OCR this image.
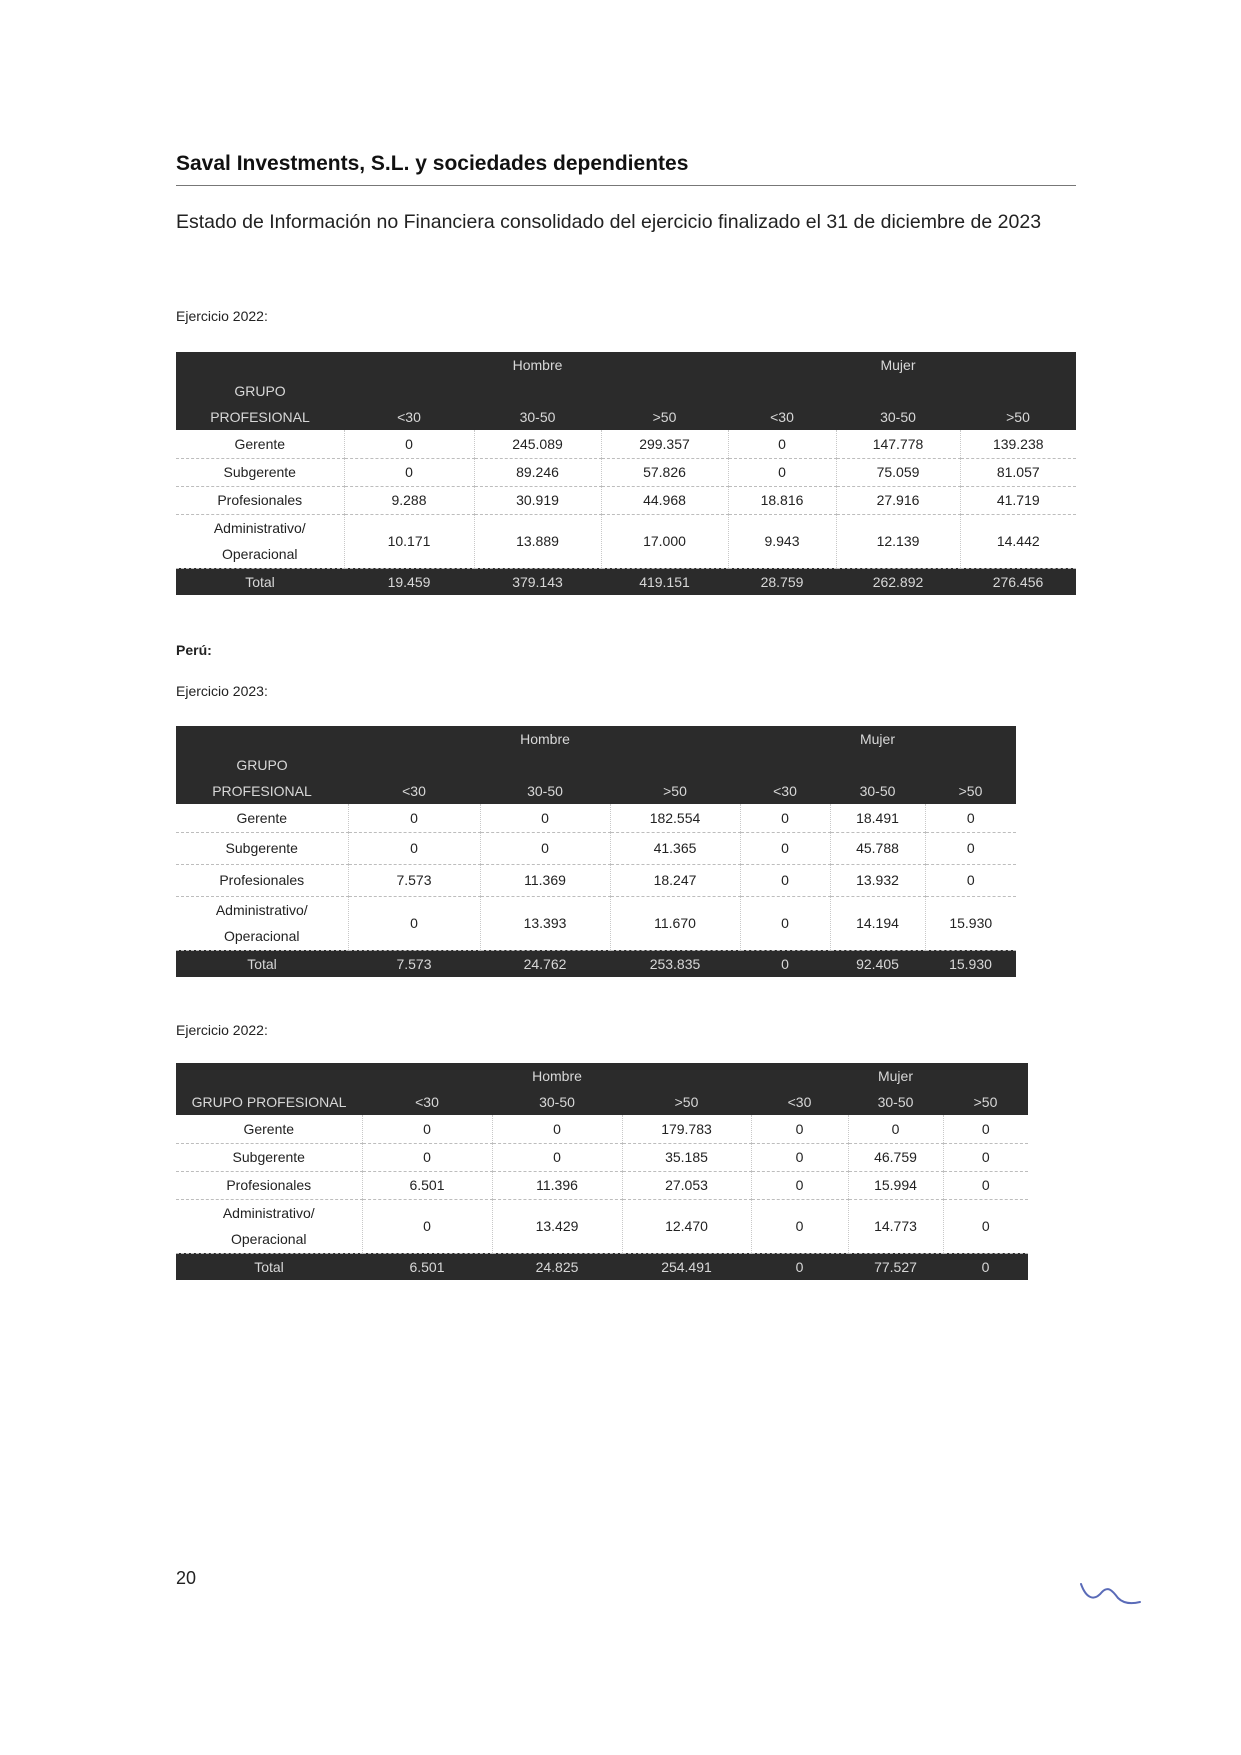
Saval Investments, S.L. y sociedades dependientes
Estado de Información no Financiera consolidado del ejercicio finalizado el 31 de diciembre de 2023
Ejercicio 2022:
		Hombre			Mujer	
GRUPO						
PROFESIONAL	<30	30-50	>50	<30	30-50	>50
Gerente	0	245.089	299.357	0	147.778	139.238
Subgerente	0	89.246	57.826	0	75.059	81.057
Profesionales	9.288	30.919	44.968	18.816	27.916	41.719
Administrativo/
Operacional	10.171	13.889	17.000	9.943	12.139	14.442
Total	19.459	379.143	419.151	28.759	262.892	276.456
Perú:
Ejercicio 2023:
		Hombre			Mujer	
GRUPO						
PROFESIONAL	<30	30-50	>50	<30	30-50	>50
Gerente	0	0	182.554	0	18.491	0
Subgerente	0	0	41.365	0	45.788	0
Profesionales	7.573	11.369	18.247	0	13.932	0
Administrativo/
Operacional	0	13.393	11.670	0	14.194	15.930
Total	7.573	24.762	253.835	0	92.405	15.930
Ejercicio 2022:
		Hombre			Mujer	
GRUPO PROFESIONAL	<30	30-50	>50	<30	30-50	>50
Gerente	0	0	179.783	0	0	0
Subgerente	0	0	35.185	0	46.759	0
Profesionales	6.501	11.396	27.053	0	15.994	0
Administrativo/
Operacional	0	13.429	12.470	0	14.773	0
Total	6.501	24.825	254.491	0	77.527	0
20
